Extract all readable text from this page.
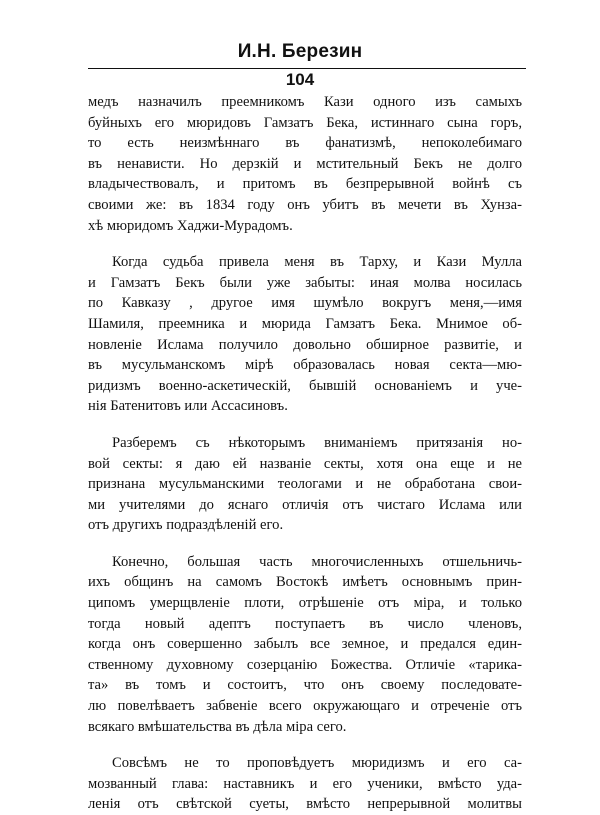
И.Н. Березин
104

медъ назначилъ преемникомъ Кази одного изъ самыхъ
буйныхъ его мюридовъ Гамзатъ Бека, истиннаго сына горъ,
то есть неизмѣннаго въ фанатизмѣ, непоколебимаго
въ ненависти. Но дерзкій и мстительный Бекъ не долго
владычествовалъ, и притомъ въ безпрерывной войнѣ съ
своими же: въ 1834 году онъ убитъ въ мечети въ Хунза-
хѣ мюридомъ Хаджи-Мурадомъ.

Когда судьба привела меня въ Тарху, и Кази Мулла
и Гамзатъ Бекъ были уже забыты: иная молва носилась
по Кавказу , другое имя шумѣло вокругъ меня,—имя
Шамиля, преемника и мюрида Гамзатъ Бека. Мнимое об-
новленіе Ислама получило довольно обширное развитіе, и
въ мусульманскомъ мірѣ образовалась новая секта—мю-
ридизмъ военно-аскетическій, бывшій основаніемъ и уче-
нія Батенитовъ или Ассасиновъ.

Разберемъ съ нѣкоторымъ вниманіемъ притязанія но-
вой секты: я даю ей названіе секты, хотя она еще и не
признана мусульманскими теологами и не обработана свои-
ми учителями до яснаго отличія отъ чистаго Ислама или
отъ другихъ подраздѣленій его.

Конечно, большая часть многочисленныхъ отшельничь-
ихъ общинъ на самомъ Востокѣ имѣетъ основнымъ прин-
ципомъ умерщвленіе плоти, отрѣшеніе отъ міра, и только
тогда новый адептъ поступаетъ въ число членовъ,
когда онъ совершенно забылъ все земное, и предался един-
ственному духовному созерцанію Божества. Отличіе «тарика-
та» въ томъ и состоитъ, что онъ своему последовате-
лю повелѣваетъ забвеніе всего окружающаго и отреченіе отъ
всякаго вмѣшательства въ дѣла міра сего.

Совсѣмъ не то проповѣдуетъ мюридизмъ и его са-
мозванный глава: наставникъ и его ученики, вмѣсто уда-
ленія отъ свѣтской суеты, вмѣсто непрерывной молитвы
